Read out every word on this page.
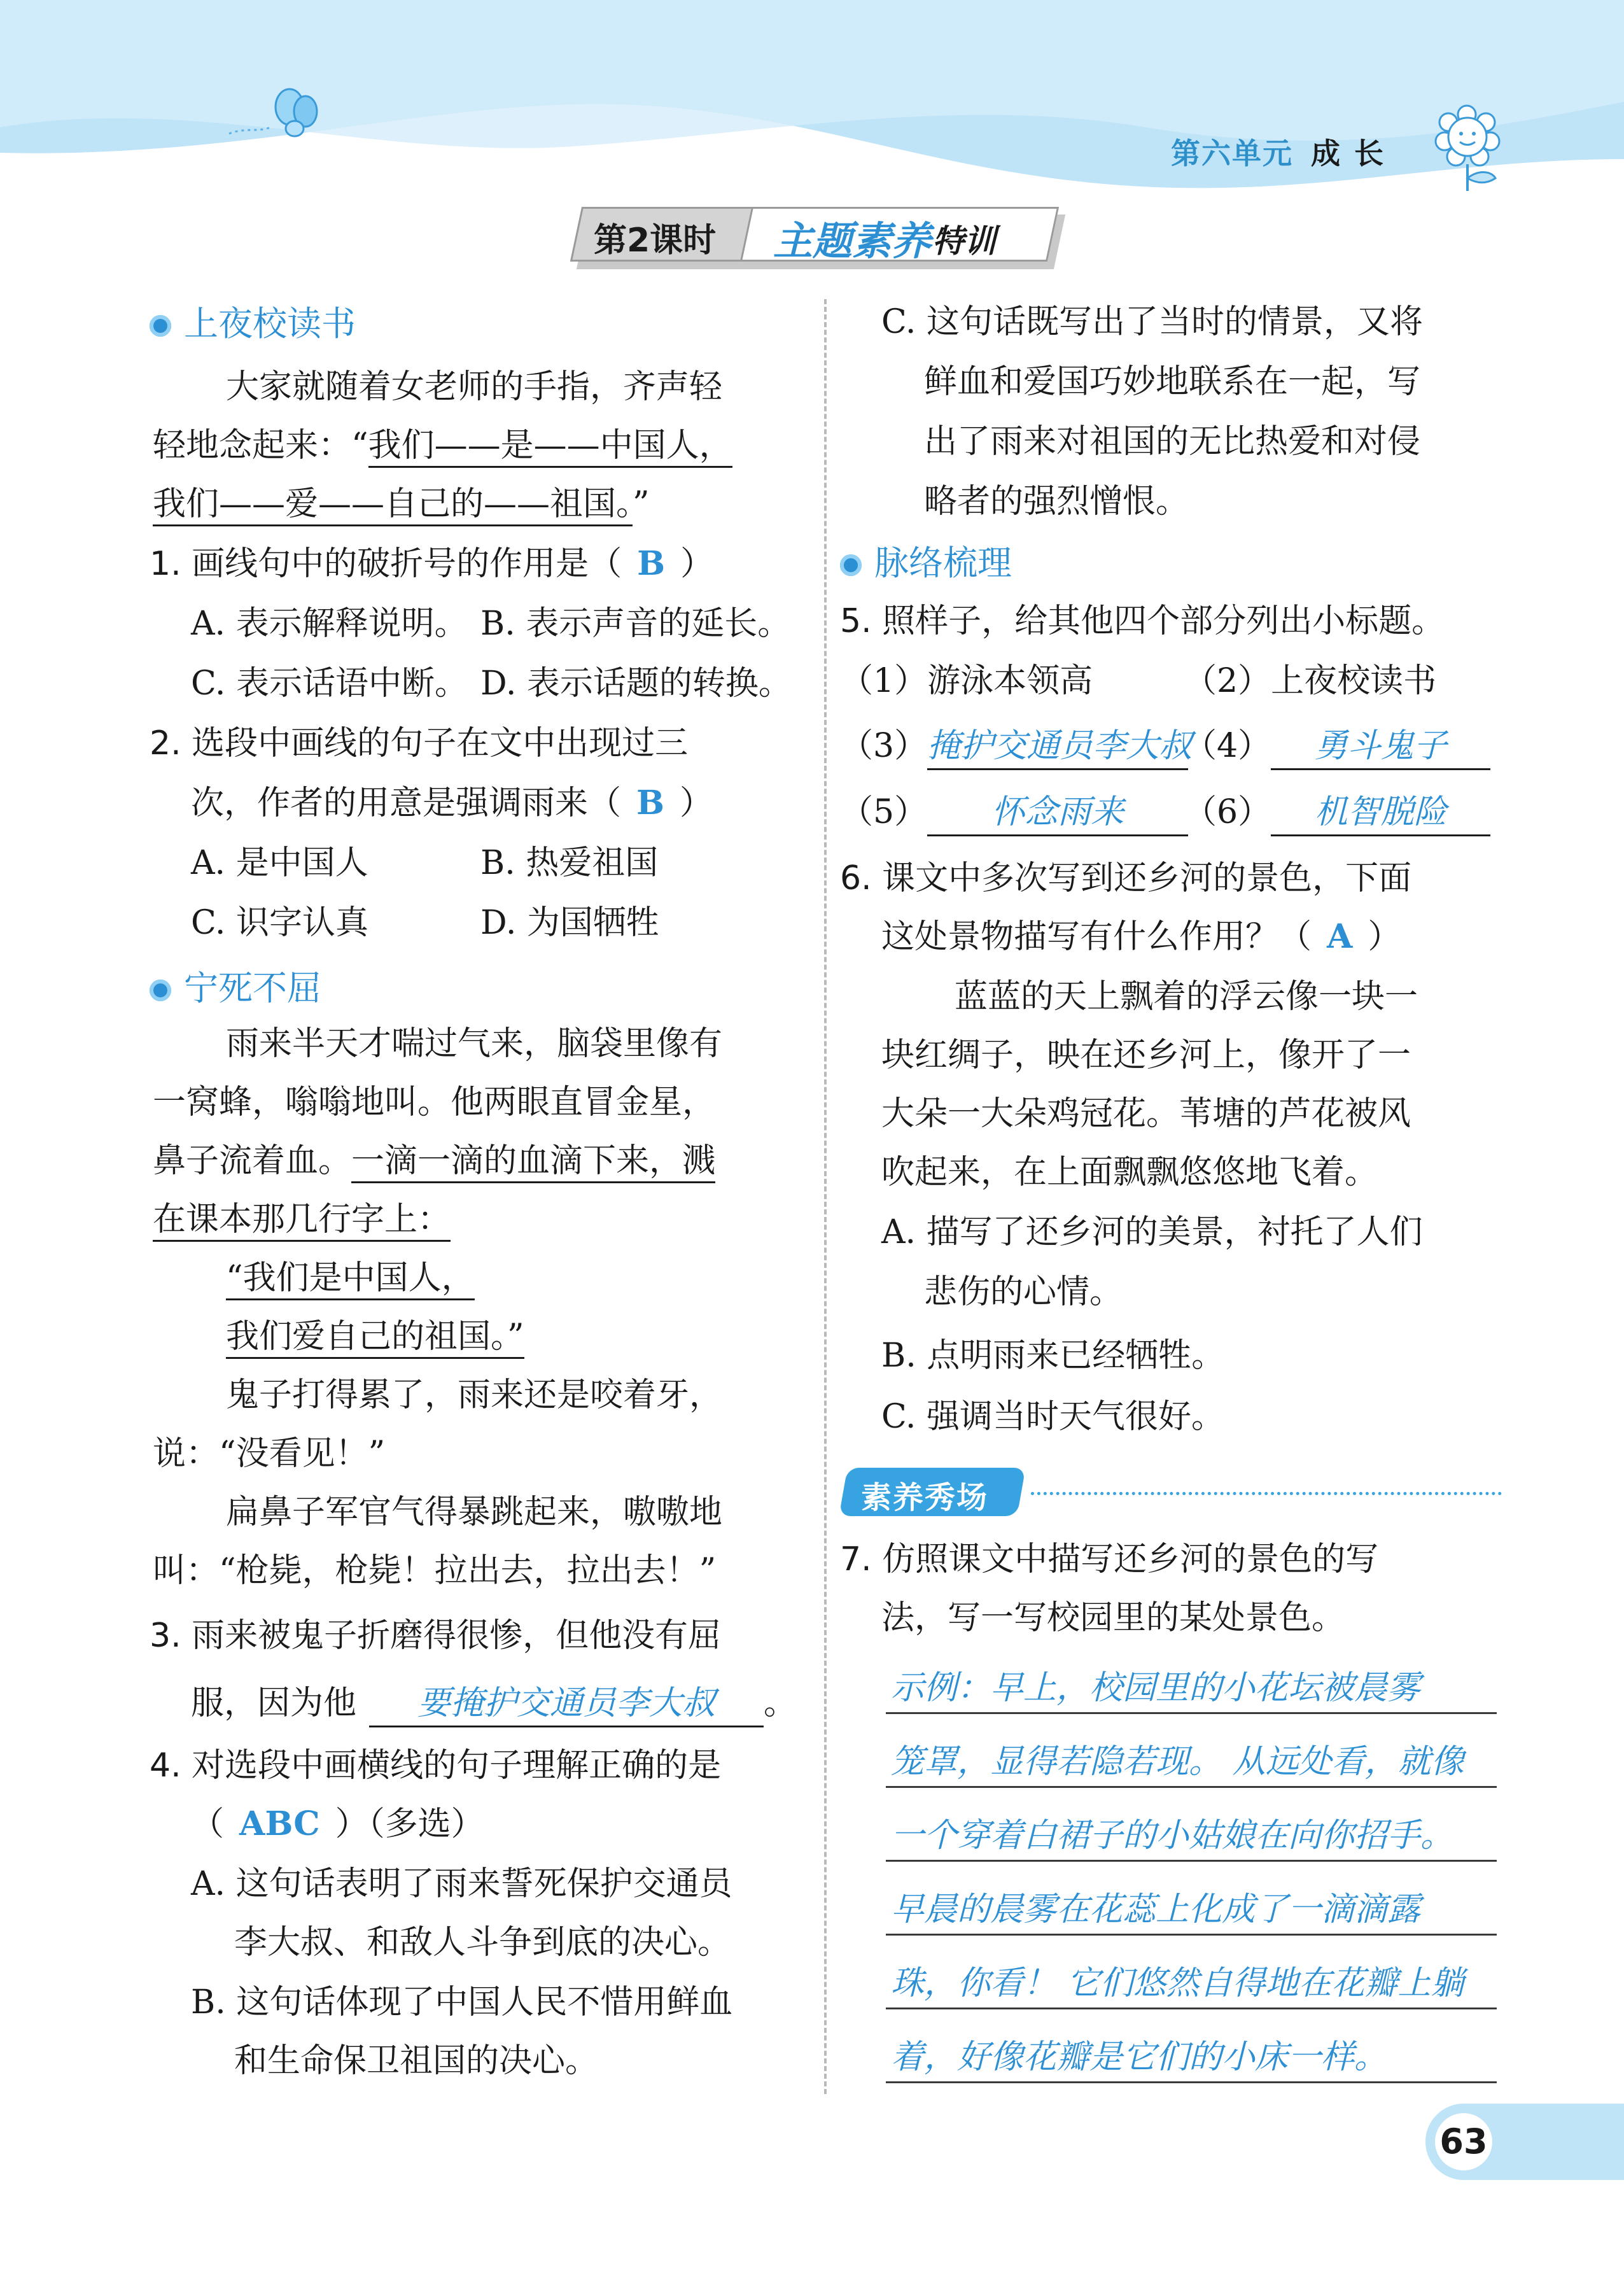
第六单元 成长
第2课时 主题素养 特训
上夜校读书
大家就随着女老师的手指，齐声轻
轻地念起来：“我们——是——中国人，
我们——爱——自己的——祖国。”
1. 画线句中的破折号的作用是（ B ）
A. 表示解释说明。 B. 表示声音的延长。
C. 表示话语中断。 D. 表示话题的转换。
2. 选段中画线的句子在文中出现过三
次，作者的用意是强调雨来（ B ）
A. 是中国人	B. 热爱祖国
C. 识字认真	D. 为国牺牲
宁死不屈
雨来半天才喘过气来，脑袋里像有
一窝蜂，嗡嗡地叫。他两眼直冒金星，
鼻子流着血。一滴一滴的血滴下来，溅
在课本那几行字上：
“我们是中国人，
我们爱自己的祖国。”
鬼子打得累了，雨来还是咬着牙，
说：“没看见！”
扁鼻子军官气得暴跳起来，嗷嗷地
叫：“枪毙，枪毙！拉出去，拉出去！”
3. 雨来被鬼子折磨得很惨，但他没有屈
服，因为他 要掩护交通员李大叔 。
4. 对选段中画横线的句子理解正确的是
（ ABC ）（多选）
A. 这句话表明了雨来誓死保护交通员
李大叔、和敌人斗争到底的决心。
B. 这句话体现了中国人民不惜用鲜血
和生命保卫祖国的决心。
C. 这句话既写出了当时的情景，又将
鲜血和爱国巧妙地联系在一起，写
出了雨来对祖国的无比热爱和对侵
略者的强烈憎恨。
脉络梳理
5. 照样子，给其他四个部分列出小标题。
（1）游泳本领高	（2）上夜校读书
（3）掩护交通员李大叔
（4） 勇斗鬼子
（5） 怀念雨来	（6） 机智脱险
6. 课文中多次写到还乡河的景色，下面
这处景物描写有什么作用？（ A ）
蓝蓝的天上飘着的浮云像一块一
块红绸子，映在还乡河上，像开了一
大朵一大朵鸡冠花。苇塘的芦花被风
吹起来，在上面飘飘悠悠地飞着。
A. 描写了还乡河的美景，衬托了人们
悲伤的心情。
B. 点明雨来已经牺牲。
C. 强调当时天气很好。
素养秀场
7. 仿照课文中描写还乡河的景色的写
法，写一写校园里的某处景色。
示例：早上，校园里的小花坛被晨雾
笼罩，显得若隐若现。 从远处看，就像
一个穿着白裙子的小姑娘在向你招手。
早晨的晨雾在花蕊上化成了一滴滴露
珠，你看！ 它们悠然自得地在花瓣上躺
着，好像花瓣是它们的小床一样。
63
